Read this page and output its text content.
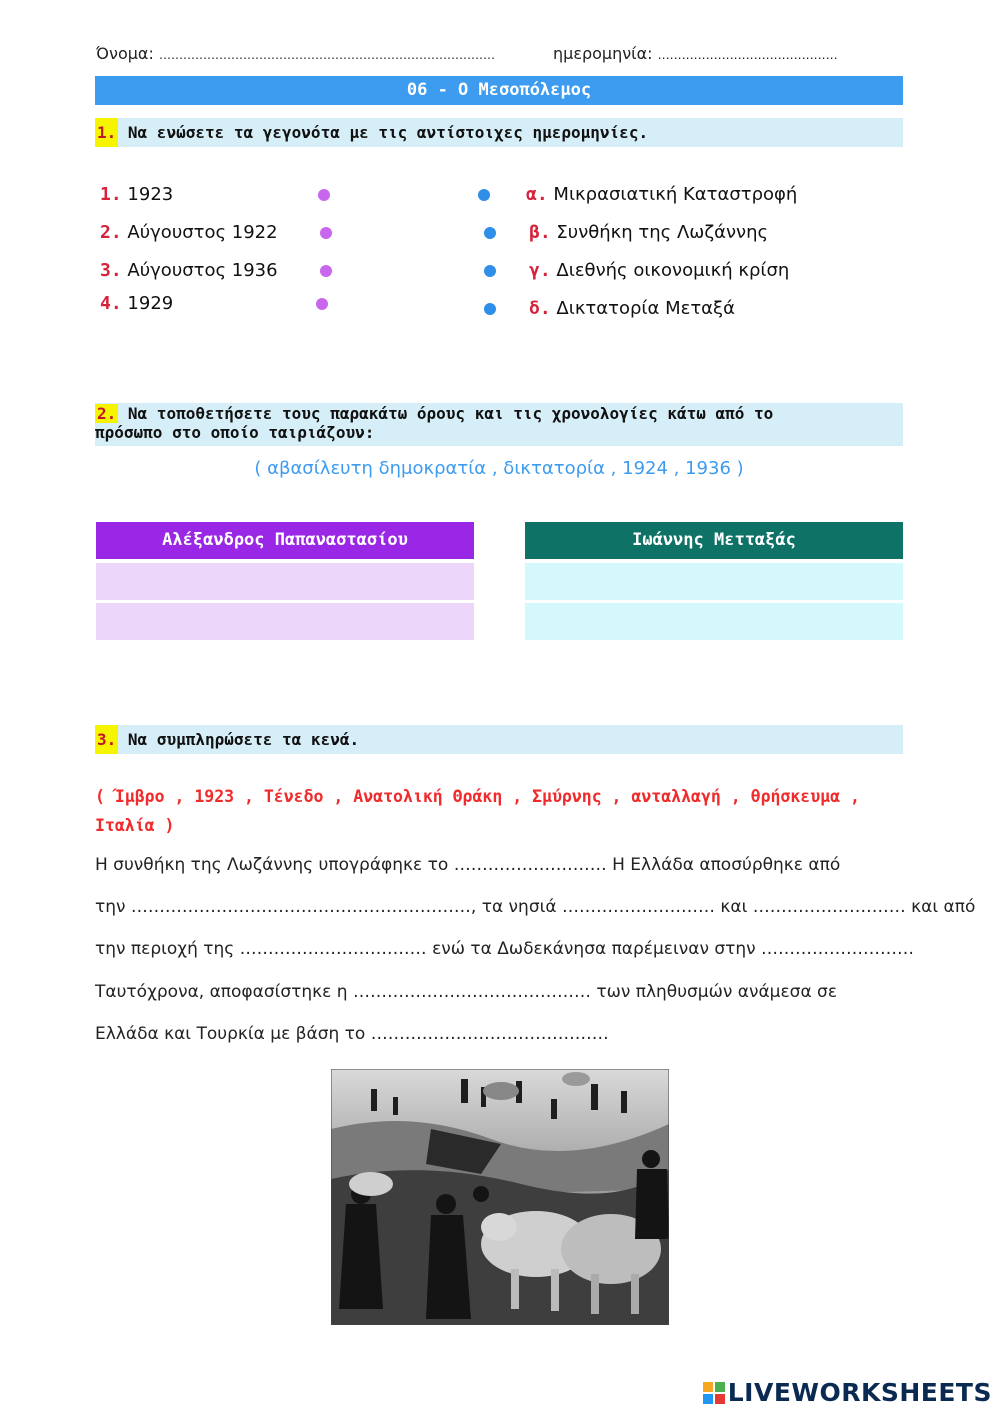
Όνομα: …………………………………………………………………………	ημερομηνία: ………………………………………
06 - Ο Μεσοπόλεμος
1. Να ενώσετε τα γεγονότα με τις αντίστοιχες ημερομηνίες.
1. 1923
2. Αύγουστος 1922
3. Αύγουστος 1936
4. 1929
α. Μικρασιατική Καταστροφή
β. Συνθήκη της Λωζάννης
γ. Διεθνής οικονομική κρίση
δ. Δικτατορία Μεταξά
2. Να τοποθετήσετε τους παρακάτω όρους και τις χρονολογίες κάτω από το
πρόσωπο στο οποίο ταιριάζουν:
( αβασίλευτη δημοκρατία , δικτατορία , 1924 , 1936 )
Αλέξανδρος Παπαναστασίου	Ιωάννης Μετταξάς
3. Να συμπληρώσετε τα κενά.
( Ίμβρο , 1923 , Τένεδο , Ανατολική Θράκη , Σμύρνης , ανταλλαγή , θρήσκευμα ,
Ιταλία )
Η συνθήκη της Λωζάννης υπογράφηκε το ……………………… Η Ελλάδα αποσύρθηκε από
την ……………………………………………………, τα νησιά ……………………… και ……………………… και από
την περιοχή της …………………………… ενώ τα Δωδεκάνησα παρέμειναν στην ………………………
Ταυτόχρονα, αποφασίστηκε η …………………………………… των πληθυσμών ανάμεσα σε
Ελλάδα και Τουρκία με βάση το ……………………………………
LIVEWORKSHEETS
